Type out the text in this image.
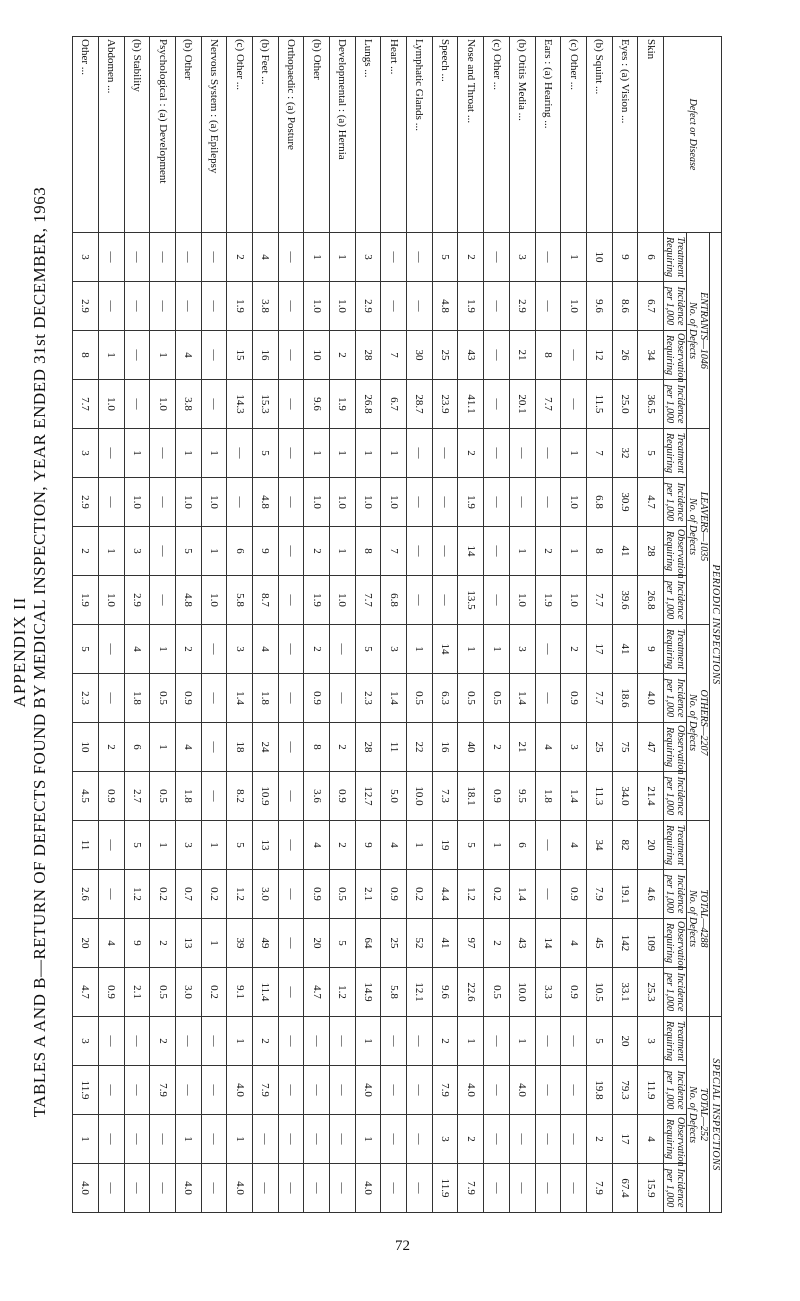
APPENDIX II TABLES A AND B—RETURN OF DEFECTS FOUND BY MEDICAL INSPECTION, YEAR ENDED 31st DECEMBER, 1963
Defect or Disease	PERIODIC INSPECTIONS																SPECIAL INSPECTIONS			
	ENTRANTS—1046
No. of Defects				LEAVERS—1035
No. of Defects				OTHERS—2207
No. of Defects				TOTAL—4288
No. of Defects				TOTAL—252
No. of Defects			
	Treatment Requiring	Incidence per 1,000	Observation Requiring	Incidence per 1,000	Treatment Requiring	Incidence per 1,000	Observation Requiring	Incidence per 1,000	Treatment Requiring	Incidence per 1,000	Observation Requiring	Incidence per 1,000	Treatment Requiring	Incidence per 1,000	Observation Requiring	Incidence per 1,000	Treatment Requiring	Incidence per 1,000	Observation Requiring	Incidence per 1,000
Skin	6	6.7	34	36.5	5	4.7	28	26.8	9	4.0	47	21.4	20	4.6	109	25.3	3	11.9	4	15.9
Eyes : (a) Vision ...	9	8.6	26	25.0	32	30.9	41	39.6	41	18.6	75	34.0	82	19.1	142	33.1	20	79.3	17	67.4
(b) Squint ...	10	9.6	12	11.5	7	6.8	8	7.7	17	7.7	25	11.3	34	7.9	45	10.5	5	19.8	2	7.9
(c) Other ...	1	1.0	—	—	1	1.0	1	1.0	2	0.9	3	1.4	4	0.9	4	0.9	—	—	—	—
Ears : (a) Hearing ...	—	—	8	7.7	—	—	2	1.9	—	—	4	1.8	—	—	14	3.3	—	—	—	—
(b) Otitis Media ...	3	2.9	21	20.1	—	—	1	1.0	3	1.4	21	9.5	6	1.4	43	10.0	1	4.0	—	—
(c) Other ...	—	—	—	—	—	—	—	—	1	0.5	2	0.9	1	0.2	2	0.5	—	—	—	—
Nose and Throat ...	2	1.9	43	41.1	2	1.9	14	13.5	1	0.5	40	18.1	5	1.2	97	22.6	1	4.0	2	7.9
Speech ...	5	4.8	25	23.9	—	—	—	—	14	6.3	16	7.3	19	4.4	41	9.6	2	7.9	3	11.9
Lymphatic Glands ...	—	—	30	28.7	—	—	—	—	1	0.5	22	10.0	1	0.2	52	12.1	—	—	—	—
Heart ...	—	—	7	6.7	1	1.0	7	6.8	3	1.4	11	5.0	4	0.9	25	5.8	—	—	—	—
Lungs ...	3	2.9	28	26.8	1	1.0	8	7.7	5	2.3	28	12.7	9	2.1	64	14.9	1	4.0	1	4.0
Developmental : (a) Hernia	1	1.0	2	1.9	1	1.0	1	1.0	—	—	2	0.9	2	0.5	5	1.2	—	—	—	—
(b) Other	1	1.0	10	9.6	1	1.0	2	1.9	2	0.9	8	3.6	4	0.9	20	4.7	—	—	—	—
Orthopaedic : (a) Posture	—	—	—	—	—	—	—	—	—	—	—	—	—	—	—	—	—	—	—	—
(b) Feet ...	4	3.8	16	15.3	5	4.8	9	8.7	4	1.8	24	10.9	13	3.0	49	11.4	2	7.9	—	—
(c) Other ...	2	1.9	15	14.3	—	—	6	5.8	3	1.4	18	8.2	5	1.2	39	9.1	1	4.0	1	4.0
Nervous System : (a) Epilepsy	—	—	—	—	1	1.0	1	1.0	—	—	—	—	1	0.2	1	0.2	—	—	—	—
(b) Other	—	—	4	3.8	1	1.0	5	4.8	2	0.9	4	1.8	3	0.7	13	3.0	—	—	1	4.0
Psychological : (a) Development	—	—	1	1.0	—	—	—	—	1	0.5	1	0.5	1	0.2	2	0.5	2	7.9	—	—
(b) Stability	—	—	—	—	1	1.0	3	2.9	4	1.8	6	2.7	5	1.2	9	2.1	—	—	—	—
Abdomen ...	—	—	1	1.0	—	—	1	1.0	—	—	2	0.9	—	—	4	0.9	—	—	—	—
Other ...	3	2.9	8	7.7	3	2.9	2	1.9	5	2.3	10	4.5	11	2.6	20	4.7	3	11.9	1	4.0
72
